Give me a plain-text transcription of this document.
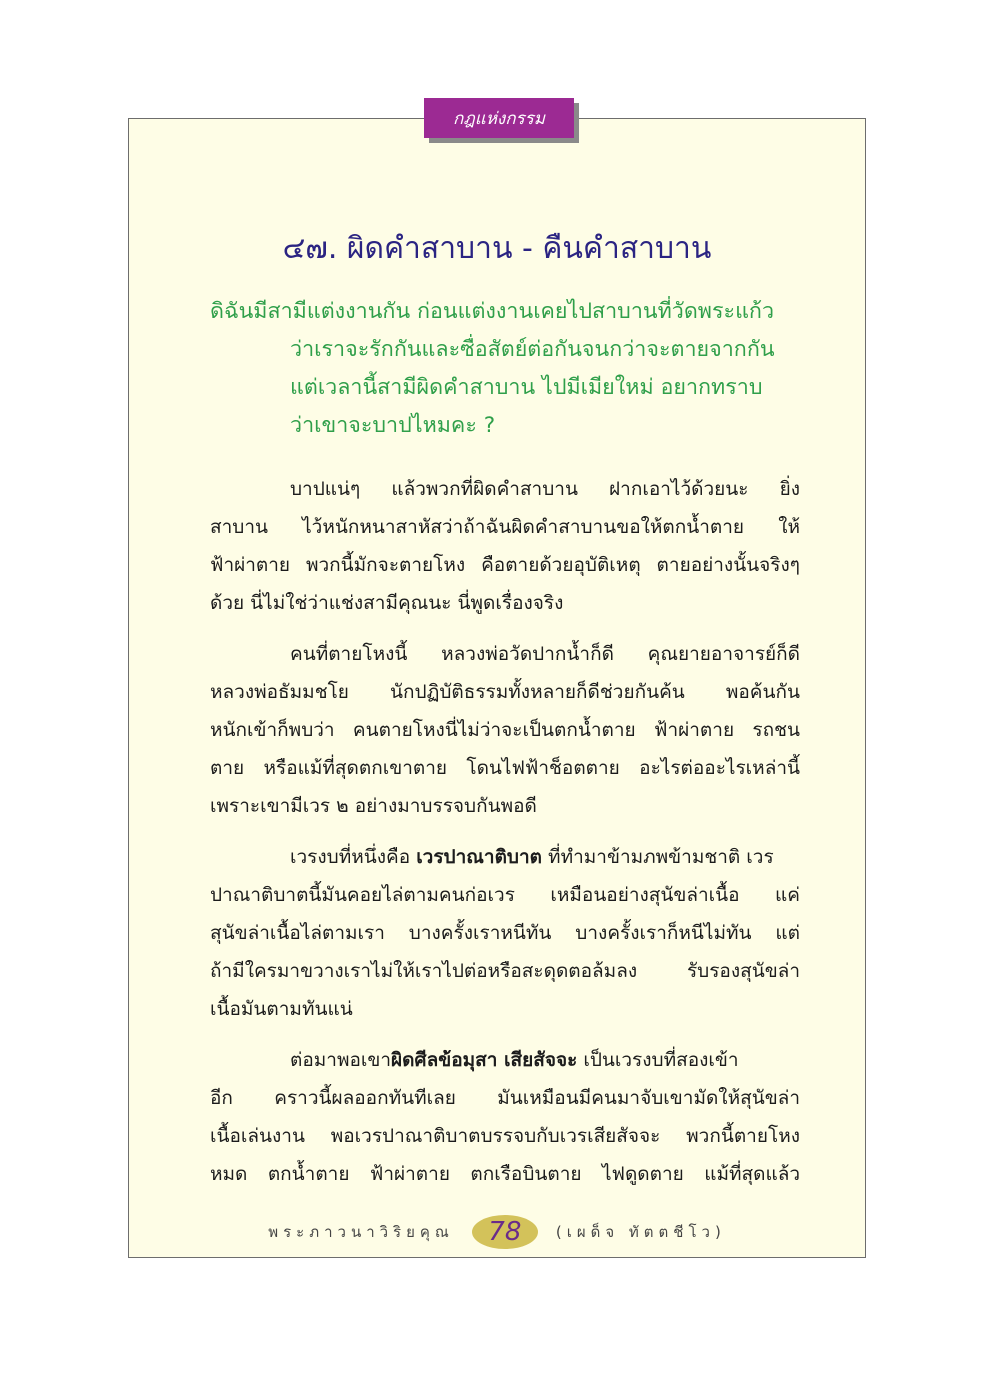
กฎแห่งกรรม
๔๗. ผิดคำสาบาน - คืนคำสาบาน
ดิฉันมีสามีแต่งงานกัน ก่อนแต่งงานเคยไปสาบานที่วัดพระแก้ว
ว่าเราจะรักกันและซื่อสัตย์ต่อกันจนกว่าจะตายจากกัน
แต่เวลานี้สามีผิดคำสาบาน ไปมีเมียใหม่ อยากทราบ
ว่าเขาจะบาปไหมคะ ?
บาปแน่ๆ แล้วพวกที่ผิดคำสาบาน ฝากเอาไว้ด้วยนะ ยิ่ง
สาบาน ไว้หนักหนาสาหัสว่าถ้าฉันผิดคำสาบานขอให้ตกน้ำตาย ให้
ฟ้าผ่าตาย พวกนี้มักจะตายโหง คือตายด้วยอุบัติเหตุ ตายอย่างนั้นจริงๆ
ด้วย นี่ไม่ใช่ว่าแช่งสามีคุณนะ นี่พูดเรื่องจริง
คนที่ตายโหงนี้ หลวงพ่อวัดปากน้ำก็ดี คุณยายอาจารย์ก็ดี
หลวงพ่อธัมมชโย นักปฏิบัติธรรมทั้งหลายก็ดีช่วยกันค้น พอค้นกัน
หนักเข้าก็พบว่า คนตายโหงนี่ไม่ว่าจะเป็นตกน้ำตาย ฟ้าผ่าตาย รถชน
ตาย หรือแม้ที่สุดตกเขาตาย โดนไฟฟ้าช็อตตาย อะไรต่ออะไรเหล่านี้
เพราะเขามีเวร ๒ อย่างมาบรรจบกันพอดี
เวรงบที่หนึ่งคือ เวรปาณาติบาต ที่ทำมาข้ามภพข้ามชาติ เวร
ปาณาติบาตนี้มันคอยไล่ตามคนก่อเวร เหมือนอย่างสุนัขล่าเนื้อ แค่
สุนัขล่าเนื้อไล่ตามเรา บางครั้งเราหนีทัน บางครั้งเราก็หนีไม่ทัน แต่
ถ้ามีใครมาขวางเราไม่ให้เราไปต่อหรือสะดุดตอล้มลง รับรองสุนัขล่า
เนื้อมันตามทันแน่
ต่อมาพอเขาผิดศีลข้อมุสา เสียสัจจะ เป็นเวรงบที่สองเข้า
อีก คราวนี้ผลออกทันทีเลย มันเหมือนมีคนมาจับเขามัดให้สุนัขล่า
เนื้อเล่นงาน พอเวรปาณาติบาตบรรจบกับเวรเสียสัจจะ พวกนี้ตายโหง
หมด ตกน้ำตาย ฟ้าผ่าตาย ตกเรือบินตาย ไฟดูดตาย แม้ที่สุดแล้ว
พระภาวนาวิริยคุณ	78	(เผด็จ ทัตตชีโว)
